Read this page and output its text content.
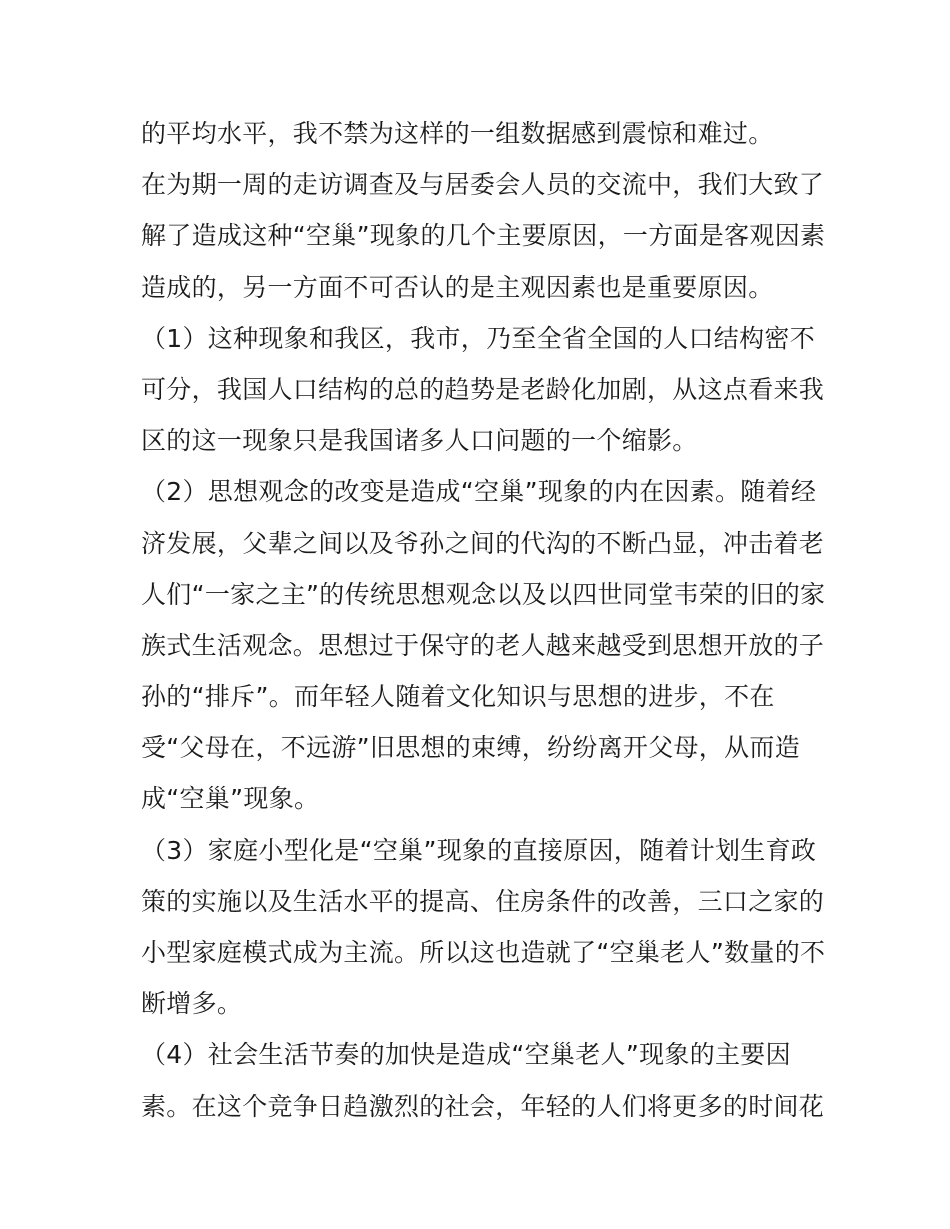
的平均水平，我不禁为这样的一组数据感到震惊和难过。
在为期一周的走访调查及与居委会人员的交流中，我们大致了
解了造成这种“空巢”现象的几个主要原因，一方面是客观因素
造成的，另一方面不可否认的是主观因素也是重要原因。
（1）这种现象和我区，我市，乃至全省全国的人口结构密不
可分，我国人口结构的总的趋势是老龄化加剧，从这点看来我
区的这一现象只是我国诸多人口问题的一个缩影。
（2）思想观念的改变是造成“空巢”现象的内在因素。随着经
济发展，父辈之间以及爷孙之间的代沟的不断凸显，冲击着老
人们“一家之主”的传统思想观念以及以四世同堂韦荣的旧的家
族式生活观念。思想过于保守的老人越来越受到思想开放的子
孙的“排斥”。而年轻人随着文化知识与思想的进步，不在
受“父母在，不远游”旧思想的束缚，纷纷离开父母，从而造
成“空巢”现象。
（3）家庭小型化是“空巢”现象的直接原因，随着计划生育政
策的实施以及生活水平的提高、住房条件的改善，三口之家的
小型家庭模式成为主流。所以这也造就了“空巢老人”数量的不
断增多。
（4）社会生活节奏的加快是造成“空巢老人”现象的主要因
素。在这个竞争日趋激烈的社会，年轻的人们将更多的时间花
